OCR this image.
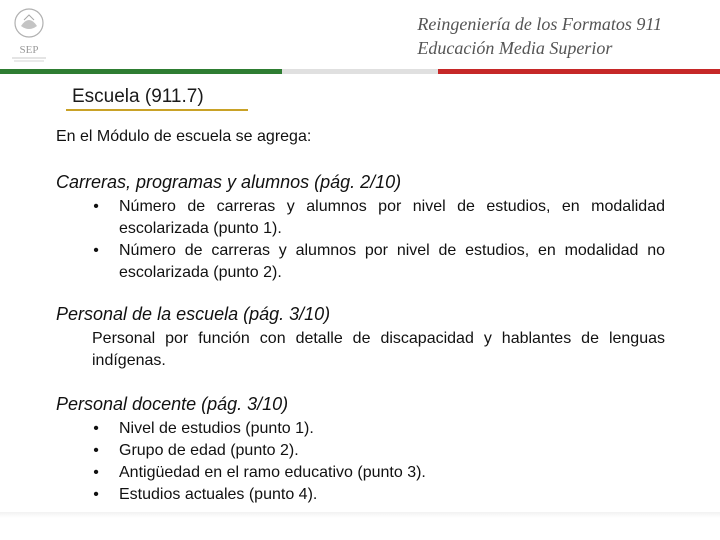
SEP
Reingeniería de los Formatos 911
Educación Media Superior
Escuela (911.7)
En el Módulo de escuela se agrega:
Carreras, programas y alumnos (pág. 2/10)
• Número de carreras y alumnos por nivel de estudios, en modalidad escolarizada (punto 1).
• Número de carreras y alumnos por nivel de estudios, en modalidad no escolarizada (punto 2).
Personal de la escuela (pág. 3/10)
Personal por función con detalle de discapacidad y hablantes de lenguas indígenas.
Personal docente (pág. 3/10)
• Nivel de estudios (punto 1).
• Grupo de edad (punto 2).
• Antigüedad en el ramo educativo (punto 3).
• Estudios actuales (punto 4).
